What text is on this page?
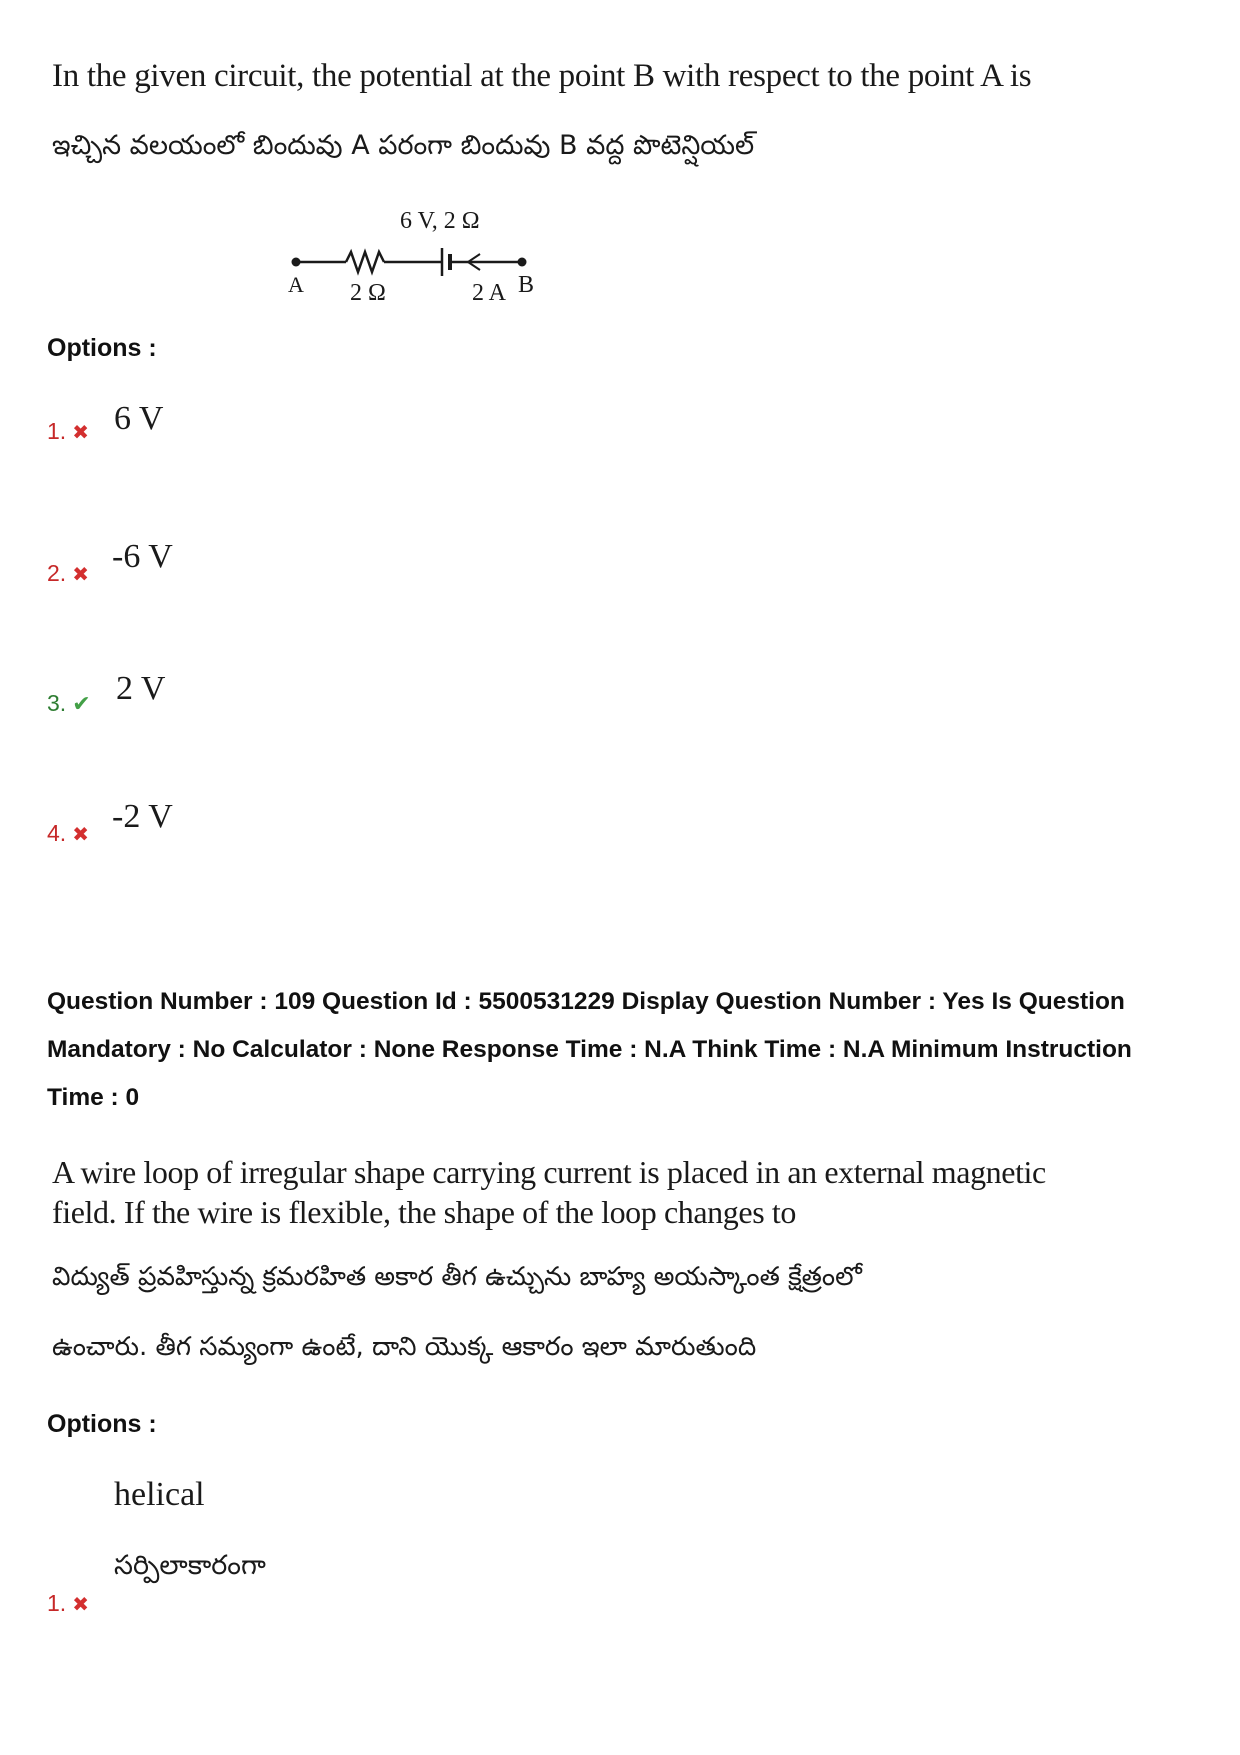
In the given circuit, the potential at the point B with respect to the point A is
ఇచ్చిన వలయంలో బిందువు A పరంగా బిందువు B వద్ద పొటెన్షియల్
6 V, 2 Ω
A 2 Ω	2 A B
Options :
1. ✖ 6 V
2. ✖ -6 V
3. ✔ 2 V
4. ✖ -2 V
Question Number : 109 Question Id : 5500531229 Display Question Number : Yes Is Question
Mandatory : No Calculator : None Response Time : N.A Think Time : N.A Minimum Instruction
Time : 0
A wire loop of irregular shape carrying current is placed in an external magnetic
field. If the wire is flexible, the shape of the loop changes to
విద్యుత్ ప్రవహిస్తున్న క్రమరహిత అకార తీగ ఉచ్చును బాహ్య అయస్కాంత క్షేత్రంలో
ఉంచారు. తీగ సమ్యంగా ఉంటే, దాని యొక్క ఆకారం ఇలా మారుతుంది
Options :
helical
సర్పిలాకారంగా
1. ✖
